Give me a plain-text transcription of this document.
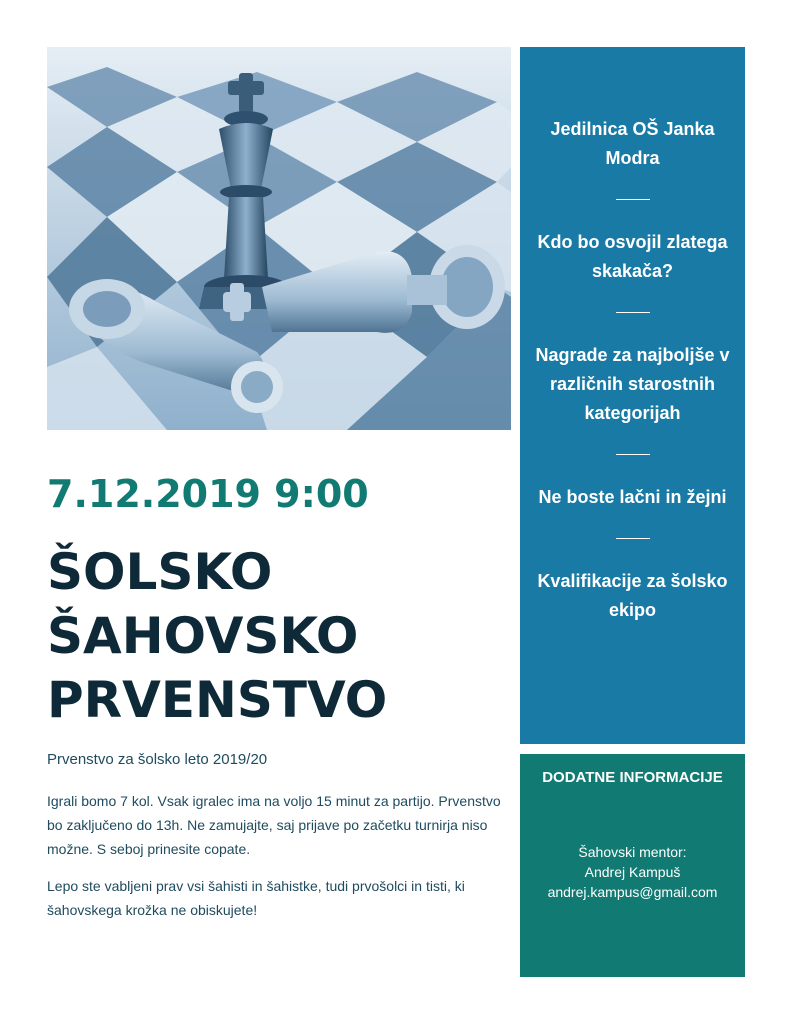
7.12.2019 9:00
ŠOLSKO
ŠAHOVSKO
PRVENSTVO
Prvenstvo za šolsko leto 2019/20

Igrali bomo 7 kol. Vsak igralec ima na voljo 15 minut za partijo. Prvenstvo bo zaključeno do 13h. Ne zamujajte, saj prijave po začetku turnirja niso možne. S seboj prinesite copate.

Lepo ste vabljeni prav vsi šahisti in šahistke, tudi prvošolci in tisti, ki šahovskega krožka ne obiskujete!

Jedilnica OŠ Janka Modra
Kdo bo osvojil zlatega skakača?
Nagrade za najboljše v različnih starostnih kategorijah
Ne boste lačni in žejni
Kvalifikacije za šolsko ekipo
DODATNE INFORMACIJE
Šahovski mentor:
Andrej Kampuš
andrej.kampus@gmail.com
